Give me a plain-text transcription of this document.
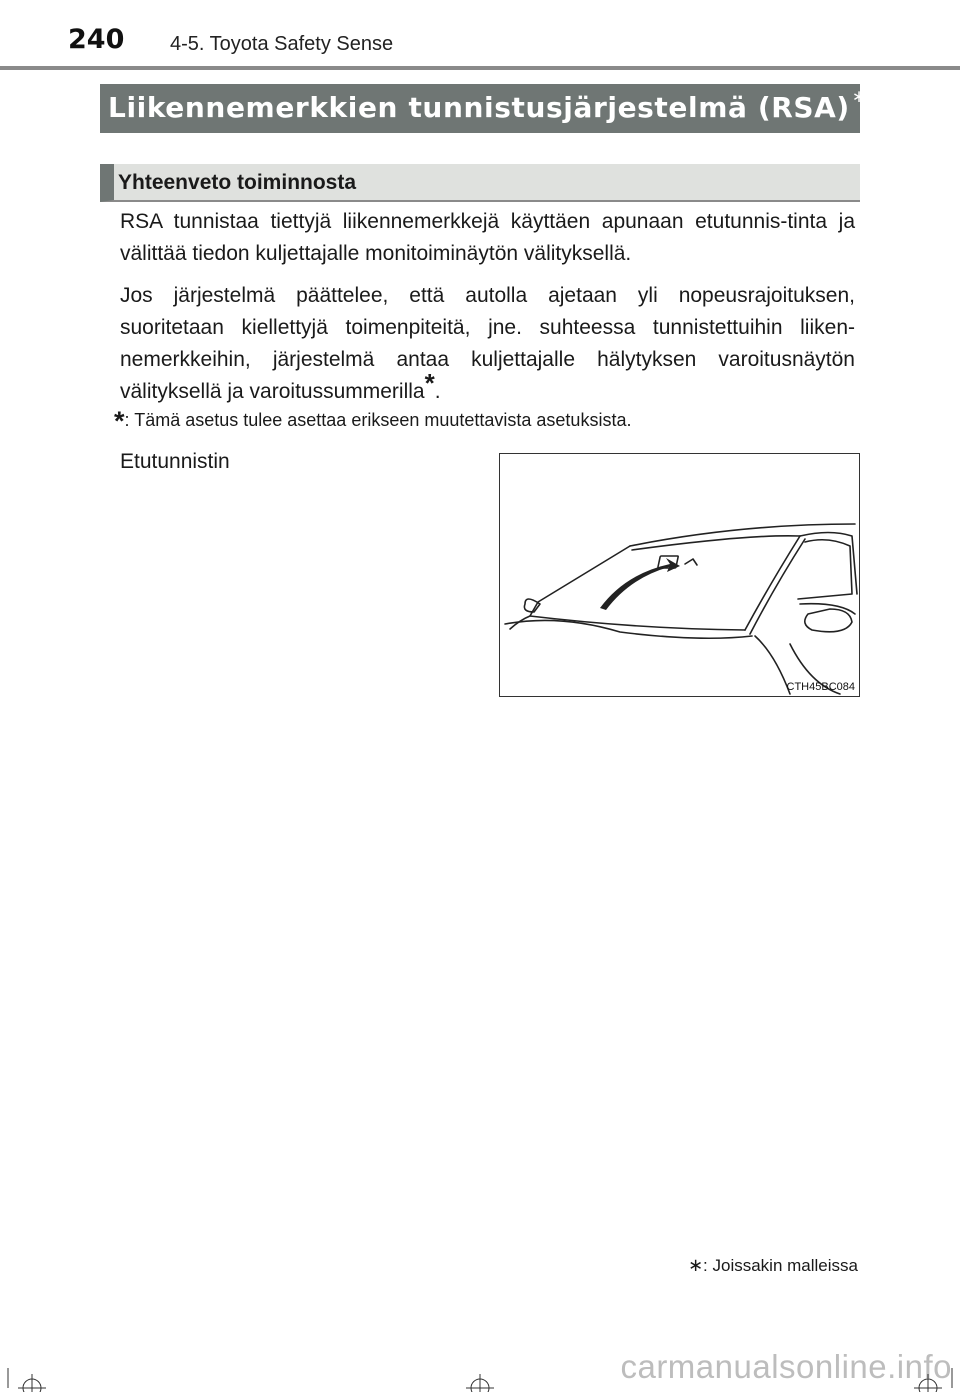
240 4-5. Toyota Safety Sense
Liikennemerkkien tunnistusjärjestelmä (RSA) ∗
Yhteenveto toiminnosta

RSA tunnistaa tiettyjä liikennemerkkejä käyttäen apunaan etutunnis-tinta ja välittää tiedon kuljettajalle monitoiminäytön välityksellä.

Jos järjestelmä päättelee, että autolla ajetaan yli nopeusrajoituksen, suoritetaan kiellettyjä toimenpiteitä, jne. suhteessa tunnistettuihin liiken-nemerkkeihin, järjestelmä antaa kuljettajalle hälytyksen varoitusnäytön välityksellä ja varoitussummerilla*.

*: Tämä asetus tulee asettaa erikseen muutettavista asetuksista.
Etutunnistin
CTH45BC084
∗: Joissakin malleissa
carmanualsonline.info
